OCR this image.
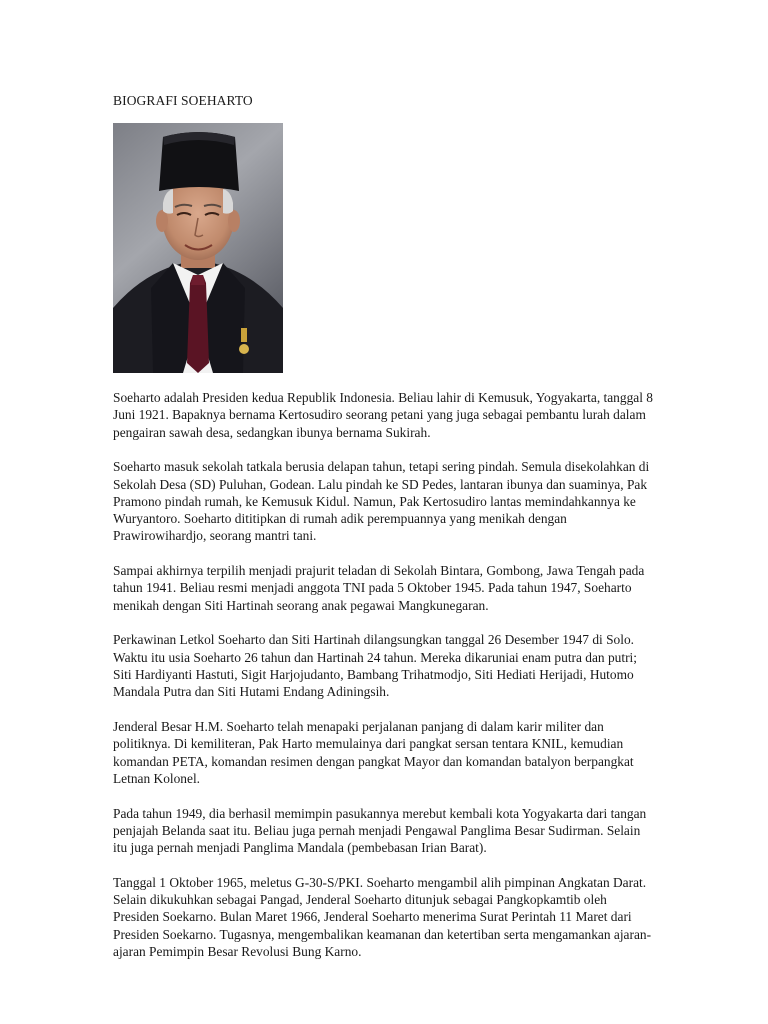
BIOGRAFI SOEHARTO

Soeharto adalah Presiden kedua Republik Indonesia. Beliau lahir di Kemusuk, Yogyakarta, tanggal 8 Juni 1921. Bapaknya bernama Kertosudiro seorang petani yang juga sebagai pembantu lurah dalam pengairan sawah desa, sedangkan ibunya bernama Sukirah.

Soeharto masuk sekolah tatkala berusia delapan tahun, tetapi sering pindah. Semula disekolahkan di Sekolah Desa (SD) Puluhan, Godean. Lalu pindah ke SD Pedes, lantaran ibunya dan suaminya, Pak Pramono pindah rumah, ke Kemusuk Kidul. Namun, Pak Kertosudiro lantas memindahkannya ke Wuryantoro. Soeharto dititipkan di rumah adik perempuannya yang menikah dengan Prawirowihardjo, seorang mantri tani.

Sampai akhirnya terpilih menjadi prajurit teladan di Sekolah Bintara, Gombong, Jawa Tengah pada tahun 1941. Beliau resmi menjadi anggota TNI pada 5 Oktober 1945. Pada tahun 1947, Soeharto menikah dengan Siti Hartinah seorang anak pegawai Mangkunegaran.

Perkawinan Letkol Soeharto dan Siti Hartinah dilangsungkan tanggal 26 Desember 1947 di Solo. Waktu itu usia Soeharto 26 tahun dan Hartinah 24 tahun. Mereka dikaruniai enam putra dan putri; Siti Hardiyanti Hastuti, Sigit Harjojudanto, Bambang Trihatmodjo, Siti Hediati Herijadi, Hutomo Mandala Putra dan Siti Hutami Endang Adiningsih.

Jenderal Besar H.M. Soeharto telah menapaki perjalanan panjang di dalam karir militer dan politiknya. Di kemiliteran, Pak Harto memulainya dari pangkat sersan tentara KNIL, kemudian komandan PETA, komandan resimen dengan pangkat Mayor dan komandan batalyon berpangkat Letnan Kolonel.

Pada tahun 1949, dia berhasil memimpin pasukannya merebut kembali kota Yogyakarta dari tangan penjajah Belanda saat itu. Beliau juga pernah menjadi Pengawal Panglima Besar Sudirman. Selain itu juga pernah menjadi Panglima Mandala (pembebasan Irian Barat).

Tanggal 1 Oktober 1965, meletus G-30-S/PKI. Soeharto mengambil alih pimpinan Angkatan Darat. Selain dikukuhkan sebagai Pangad, Jenderal Soeharto ditunjuk sebagai Pangkopkamtib oleh Presiden Soekarno. Bulan Maret 1966, Jenderal Soeharto menerima Surat Perintah 11 Maret dari Presiden Soekarno. Tugasnya, mengembalikan keamanan dan ketertiban serta mengamankan ajaran-ajaran Pemimpin Besar Revolusi Bung Karno.
